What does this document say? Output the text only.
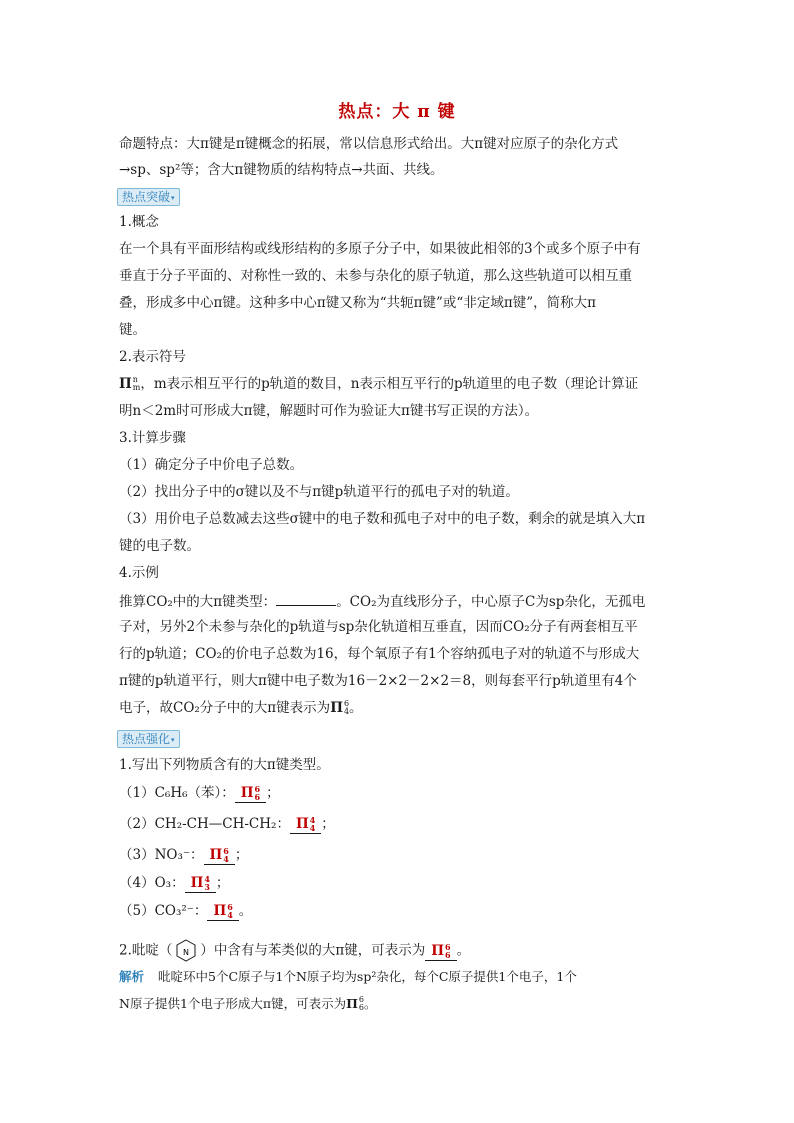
热点：大 π 键
命题特点：大π键是π键概念的拓展，常以信息形式给出。大π键对应原子的杂化方式
→sp、sp²等；含大π键物质的结构特点→共面、共线。
热点突破▾
1.概念
在一个具有平面形结构或线形结构的多原子分子中，如果彼此相邻的3个或多个原子中有
垂直于分子平面的、对称性一致的、未参与杂化的原子轨道，那么这些轨道可以相互重
叠，形成多中心π键。这种多中心π键又称为“共轭π键”或“非定域π键”，简称大π
键。
2.表示符号
Π n
m ，m表示相互平行的p轨道的数目，n表示相互平行的p轨道里的电子数（理论计算证
明n＜2m时可形成大π键，解题时可作为验证大π键书写正误的方法）。
3.计算步骤
（1）确定分子中价电子总数。
（2）找出分子中的σ键以及不与π键p轨道平行的孤电子对的轨道。
（3）用价电子总数减去这些σ键中的电子数和孤电子对中的电子数，剩余的就是填入大π
键的电子数。
4.示例
推算CO₂中的大π键类型：	。CO₂为直线形分子，中心原子C为sp杂化，无孤电
子对，另外2个未参与杂化的p轨道与sp杂化轨道相互垂直，因而CO₂分子有两套相互平
行的p轨道；CO₂的价电子总数为16，每个氧原子有1个容纳孤电子对的轨道不与形成大
π键的p轨道平行，则大π键中电子数为16－2×2－2×2＝8，则每套平行p轨道里有4个
电子，故CO₂分子中的大π键表示为 Π 6
4 。
热点强化▾
1.写出下列物质含有的大π键类型。
（1）C₆H₆（苯）： Π 6
6 ；
（2）CH₂-CH—CH-CH₂： Π 4
4 ；
（3）NO₃⁻： Π 6
4 ；
（4）O₃： Π 4
3 ；
（5）CO₃²⁻： Π 6
4 。
2.吡啶（ N ）中含有与苯类似的大π键，可表示为 Π 6
6 。
解析 吡啶环中5个C原子与1个N原子均为sp²杂化，每个C原子提供1个电子，1个
N原子提供1个电子形成大π键，可表示为 Π 6
6 。
